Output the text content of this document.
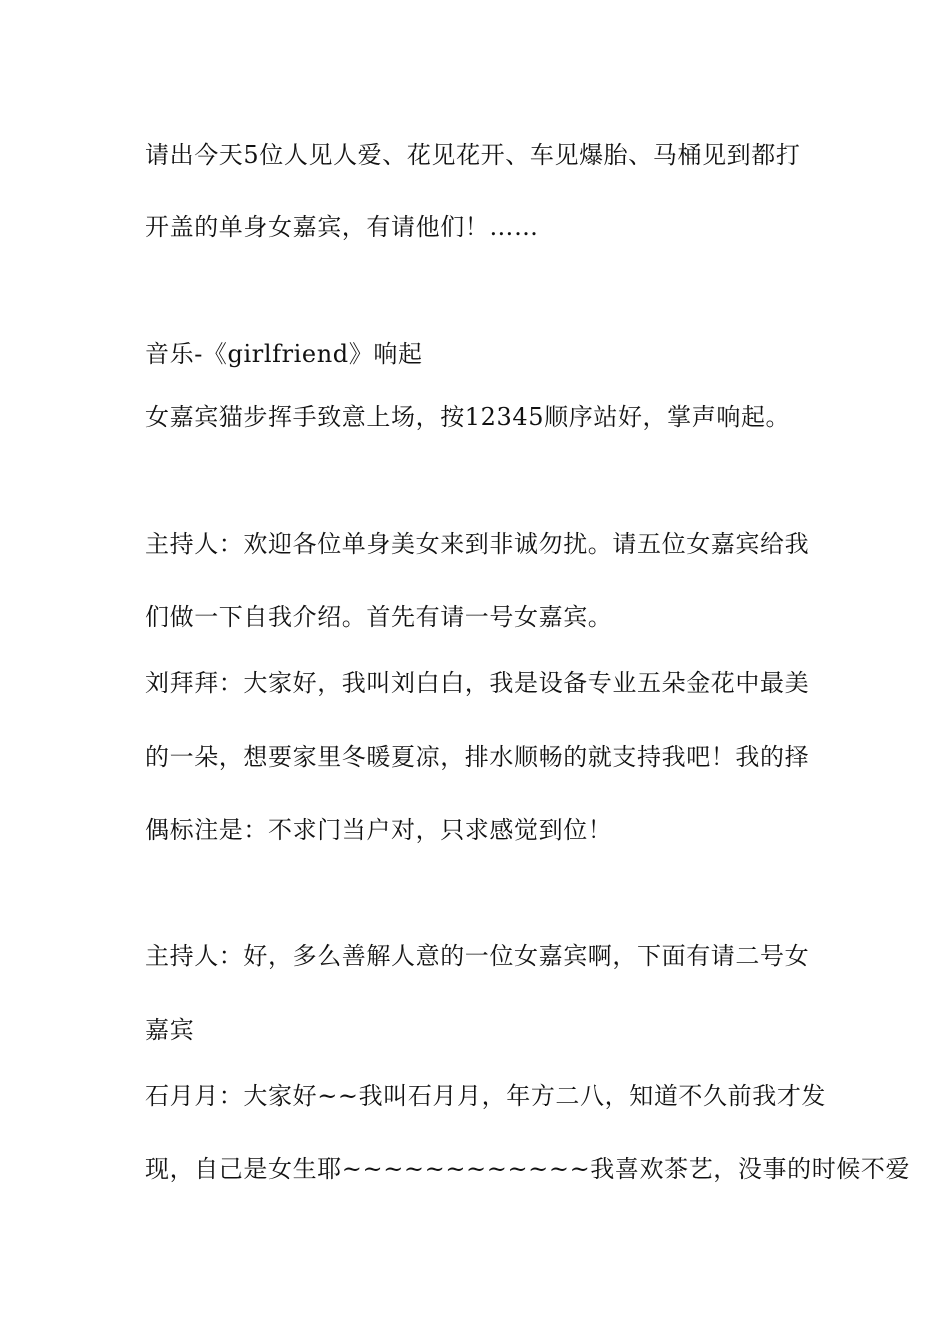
请出今天5位人见人爱、花见花开、车见爆胎、马桶见到都打
开盖的单身女嘉宾，有请他们！……
音乐-《girlfriend》响起
女嘉宾猫步挥手致意上场，按12345顺序站好，掌声响起。
主持人：欢迎各位单身美女来到非诚勿扰。请五位女嘉宾给我
们做一下自我介绍。首先有请一号女嘉宾。
刘拜拜：大家好，我叫刘白白，我是设备专业五朵金花中最美
的一朵，想要家里冬暖夏凉，排水顺畅的就支持我吧！我的择
偶标注是：不求门当户对，只求感觉到位！
主持人：好，多么善解人意的一位女嘉宾啊，下面有请二号女
嘉宾
石月月：大家好~~我叫石月月，年方二八，知道不久前我才发
现，自己是女生耶~~~~~~~~~~~~我喜欢茶艺，没事的时候不爱
